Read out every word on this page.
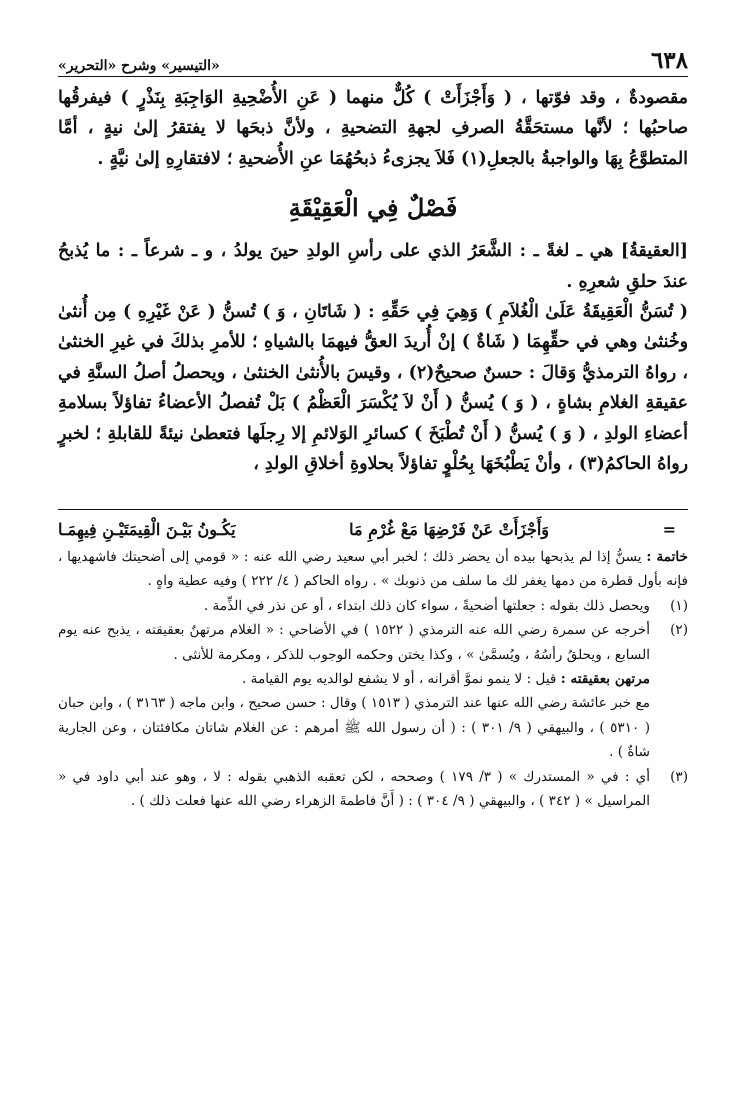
٦٣٨
«التيسير» وشرح «التحرير»

مقصودةٌ ، وقد فوّتها ، ( وَأَجْزَأَتْ ) كُلٌّ منهما ( عَنِ الأُضْحِيةِ الوَاجِبَةِ بِنَذْرٍ ) فيفرقُها صاحبُها ؛ لأنَّها مستحَقَّةُ الصرفِ لجهةِ التضحيةِ ، ولأنَّ ذبحَها لا يفتقرُ إلىٰ نيةٍ ، أمَّا المتطوَّعُ بِهَا والواجبةُ بالجعلِ(١) فَلاَ يجزىءُ ذبحُهُمَا عنِ الأُضحيةِ ؛ لافتقارِهِ إلىٰ نيَّةٍ .

فَصْلٌ فِي الْعَقِيْقَةِ

[العقيقةُ] هي ـ لغةً ـ : الشَّعَرُ الذي على رأسِ الولدِ حينَ يولدُ ، و ـ شرعاً ـ : ما يُذبحُ عندَ حلقِ شعرِهِ .

( تُسَنُّ الْعَقِيقَةُ عَلَىٰ الْغُلاَمِ ) وَهِيَ فِي حَقِّهِ : ( شَاتَانِ ، وَ ) تُسنُّ ( عَنْ غَيْرِهِ ) مِن أُنثىٰ وخُنثىٰ وهي في حقِّهِمَا ( شَاةٌ ) إنْ أُريدَ العقُّ فيهمَا بالشياهِ ؛ للأمرِ بذلكَ في غيرِ الخنثىٰ ، رواهُ الترمذيُّ وَقالَ : حسنٌ صحيحٌ(٢) ، وقيسَ بالأُنثىٰ الخنثىٰ ، ويحصلُ أصلُ السنَّةِ في عقيقةِ الغلامِ بشاةٍ ، ( وَ ) يُسنُّ ( أَنْ لاَ يُكْسَرَ الْعَظْمُ ) بَلْ تُفصلُ الأعضاءُ تفاؤلاً بسلامةِ أعضاءِ الولدِ ، ( وَ ) يُسنُّ ( أَنْ تُطْبَخَ ) كسائرِ الوَلائمِ إلا رِجلَها فتعطىٰ نيئةً للقابلةِ ؛ لخبرٍ رواهُ الحاكمُ(٣) ، وأنْ يَطْبُخَهَا بِحُلْوٍ تفاؤلاً بحلاوةِ أخلاقِ الولدِ ،

=
وَأَجْزَأَتْ عَنْ فَرْضِهَا مَعْ غُرْمِ مَا
يَكُـونُ بَيْـنَ الْقِيمَتَيْـنِ فِيهِمَـا

خاتمة : يسنُّ إذا لم يذبحها بيده أن يحضر ذلك ؛ لخبر أبي سعيد رضي الله عنه : « قومي إلى أضحيتك فاشهديها ، فإنه بأول قطرة من دمها يغفر لك ما سلف من ذنوبك » . رواه الحاكم ( ٤/ ٢٢٢ ) وفيه عطية واهٍ .

(١)
ويحصل ذلك بقوله : جعلتها أضحيةً ، سواء كان ذلك ابتداء ، أو عن نذر في الذِّمة .
(٢)
أخرجه عن سمرة رضي الله عنه الترمذي ( ١٥٢٢ ) في الأضاحي : « الغلام مرتهنٌ بعقيقته ، يذبح عنه يوم السابع ، ويحلقُ رأسُهُ ، ويُسمَّىٰ » ، وكذا يختن وحكمه الوجوب للذكر ، ومكرمة للأنثى .

مرتهن بعقيقته : قيل : لا ينمو نموَّ أقرانه ، أو لا يشفع لوالديه يوم القيامة .

مع خبر عائشة رضي الله عنها عند الترمذي ( ١٥١٣ ) وقال : حسن صحيح ، وابن ماجه ( ٣١٦٣ ) ، وابن حبان ( ٥٣١٠ ) ، والبيهقي ( ٩/ ٣٠١ ) : ( أن رسول الله ﷺ أمرهم : عن الغلام شاتان مكافئتان ، وعن الجارية شاةٌ ) .

(٣)
أي : في « المستدرك » ( ٣/ ١٧٩ ) وصححه ، لكن تعقبه الذهبي بقوله : لا ، وهو عند أبي داود في « المراسيل » ( ٣٤٢ ) ، والبيهقي ( ٩/ ٣٠٤ ) : ( أَنَّ فاطمةَ الزهراء رضي الله عنها فعلت ذلك ) .
